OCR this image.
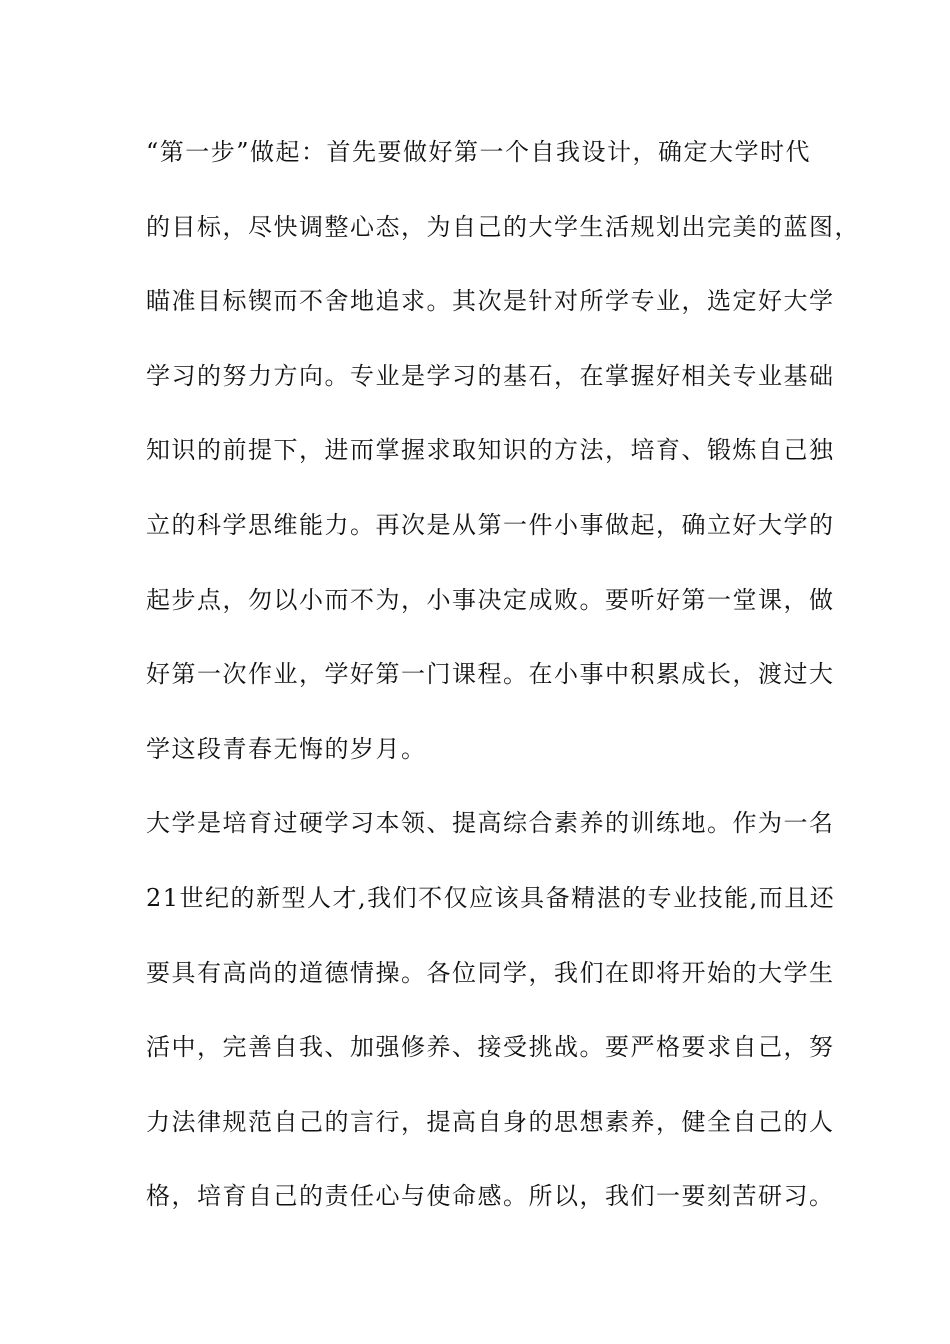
“第一步”做起：首先要做好第一个自我设计，确定大学时代
的目标，尽快调整心态，为自己的大学生活规划出完美的蓝图，
瞄准目标锲而不舍地追求。其次是针对所学专业，选定好大学
学习的努力方向。专业是学习的基石，在掌握好相关专业基础
知识的前提下，进而掌握求取知识的方法，培育、锻炼自己独
立的科学思维能力。再次是从第一件小事做起，确立好大学的
起步点，勿以小而不为，小事决定成败。要听好第一堂课，做
好第一次作业，学好第一门课程。在小事中积累成长，渡过大
学这段青春无悔的岁月。
大学是培育过硬学习本领、提高综合素养的训练地。作为一名
21世纪的新型人才,我们不仅应该具备精湛的专业技能,而且还
要具有高尚的道德情操。各位同学，我们在即将开始的大学生
活中，完善自我、加强修养、接受挑战。要严格要求自己，努
力法律规范自己的言行，提高自身的思想素养，健全自己的人
格，培育自己的责任心与使命感。所以，我们一要刻苦研习。
